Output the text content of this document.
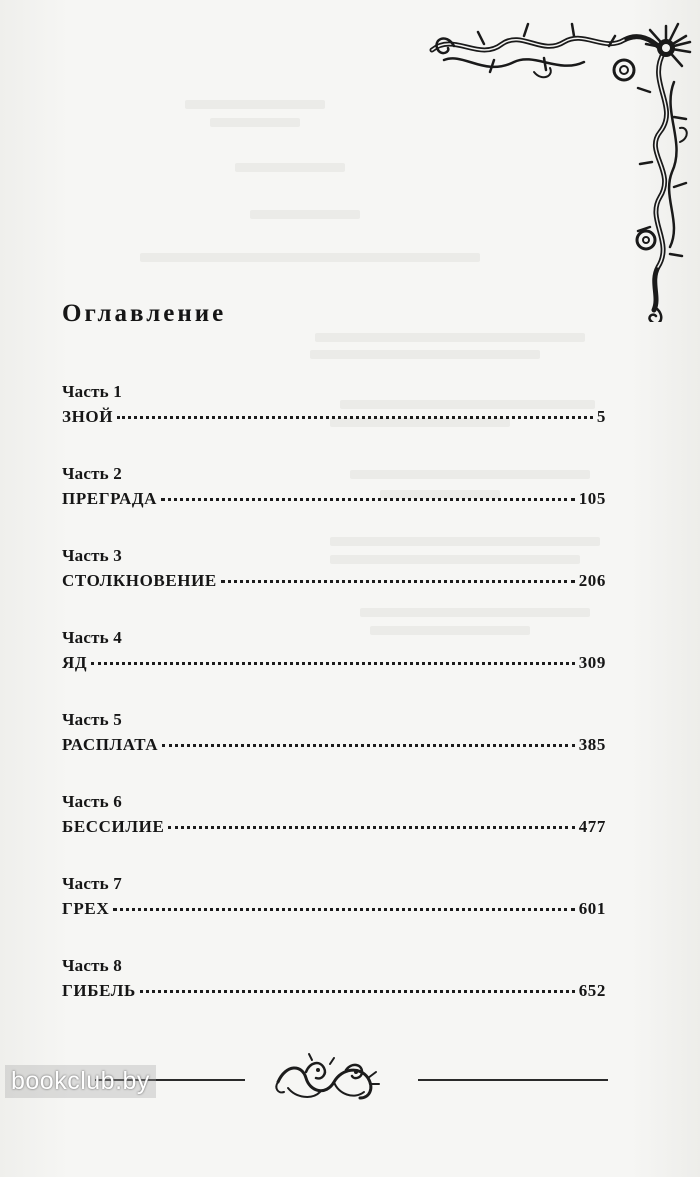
Оглавление
Часть 1
ЗНОЙ	5
Часть 2
ПРЕГРАДА	105
Часть 3
СТОЛКНОВЕНИЕ	206
Часть 4
ЯД	309
Часть 5
РАСПЛАТА	385
Часть 6
БЕССИЛИЕ	477
Часть 7
ГРЕХ	601
Часть 8
ГИБЕЛЬ	652
bookclub.by
